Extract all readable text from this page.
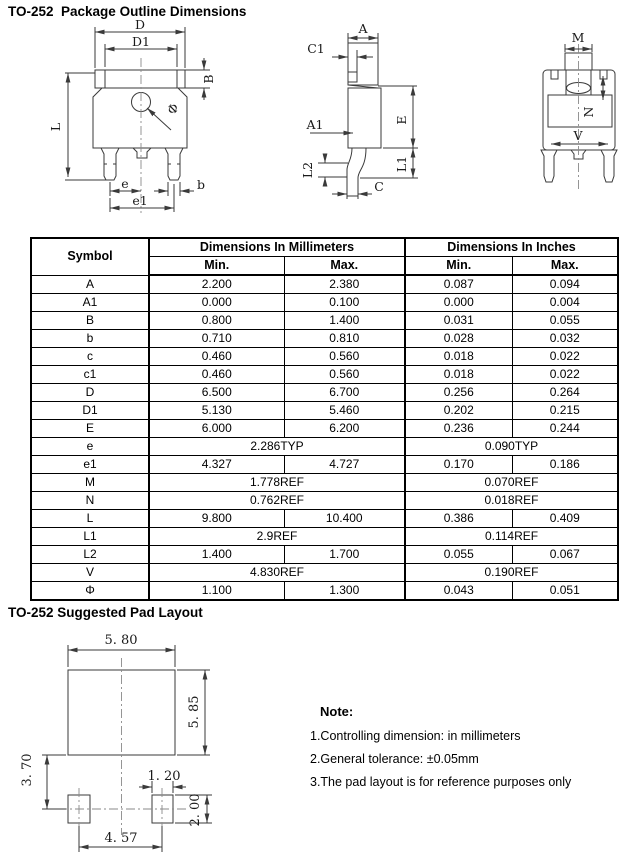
TO-252  Package Outline Dimensions
D
D1
B
L
Φ
e	b
e1
A
C1
A1
L2
C
E
L1
M
N
V
Symbol	Dimensions In Millimeters		Dimensions In Inches	
	Min.	Max.	Min.	Max.
A	2.200	2.380	0.087	0.094
A1	0.000	0.100	0.000	0.004
B	0.800	1.400	0.031	0.055
b	0.710	0.810	0.028	0.032
c	0.460	0.560	0.018	0.022
c1	0.460	0.560	0.018	0.022
D	6.500	6.700	0.256	0.264
D1	5.130	5.460	0.202	0.215
E	6.000	6.200	0.236	0.244
e	2.286TYP		0.090TYP	
e1	4.327	4.727	0.170	0.186
M	1.778REF		0.070REF	
N	0.762REF		0.018REF	
L	9.800	10.400	0.386	0.409
L1	2.9REF		0.114REF	
L2	1.400	1.700	0.055	0.067
V	4.830REF		0.190REF	
Φ	1.100	1.300	0.043	0.051
TO-252 Suggested Pad Layout
5. 80
5. 85
3. 70	1. 20
2. 00
4. 57
Note:
1.Controlling dimension: in millimeters
2.General tolerance: ±0.05mm
3.The pad layout is for reference purposes only
